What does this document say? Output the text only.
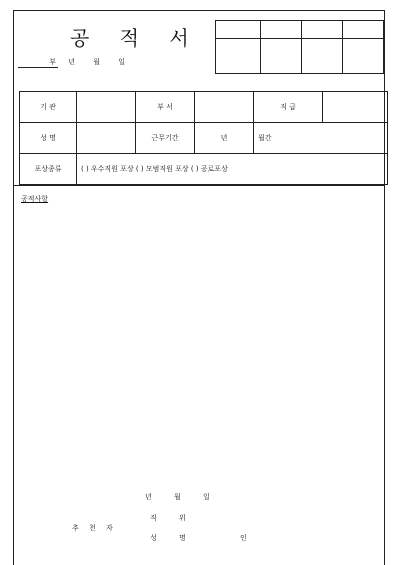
공 적 서
부 년 월 일

기 관		부 서		직 급	
성 명		근무기간	년	월간	
포상종류	( ) 우수직원 포상 ( ) 모범직원 포상 ( ) 공로포상				
공적사항
년 월 일
직 위
추 천 자
성 명	인
